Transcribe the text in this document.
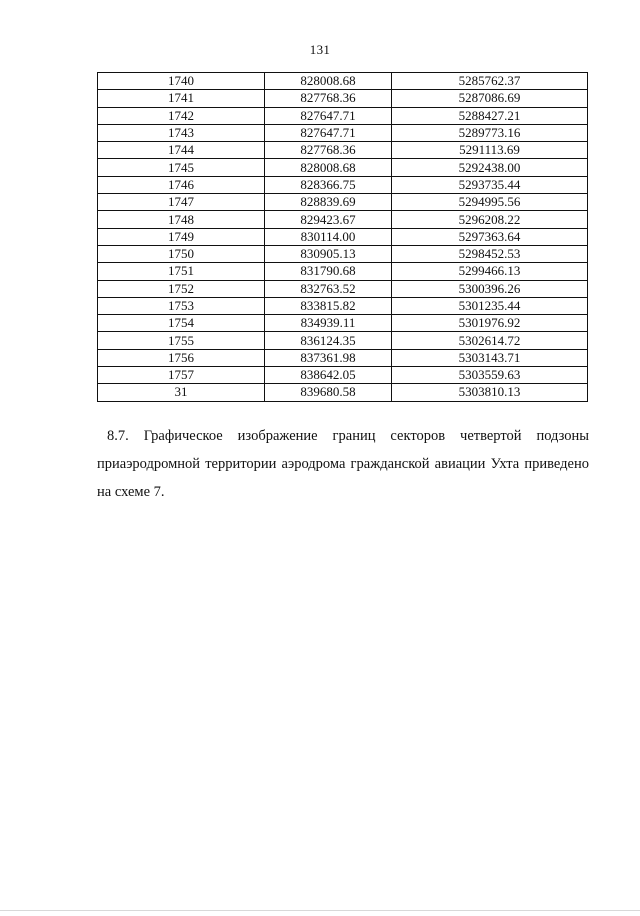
131
1740	828008.68	5285762.37
1741	827768.36	5287086.69
1742	827647.71	5288427.21
1743	827647.71	5289773.16
1744	827768.36	5291113.69
1745	828008.68	5292438.00
1746	828366.75	5293735.44
1747	828839.69	5294995.56
1748	829423.67	5296208.22
1749	830114.00	5297363.64
1750	830905.13	5298452.53
1751	831790.68	5299466.13
1752	832763.52	5300396.26
1753	833815.82	5301235.44
1754	834939.11	5301976.92
1755	836124.35	5302614.72
1756	837361.98	5303143.71
1757	838642.05	5303559.63
31	839680.58	5303810.13

8.7. Графическое изображение границ секторов четвертой подзоны приаэродромной территории аэродрома гражданской авиации Ухта приведено на схеме 7.
